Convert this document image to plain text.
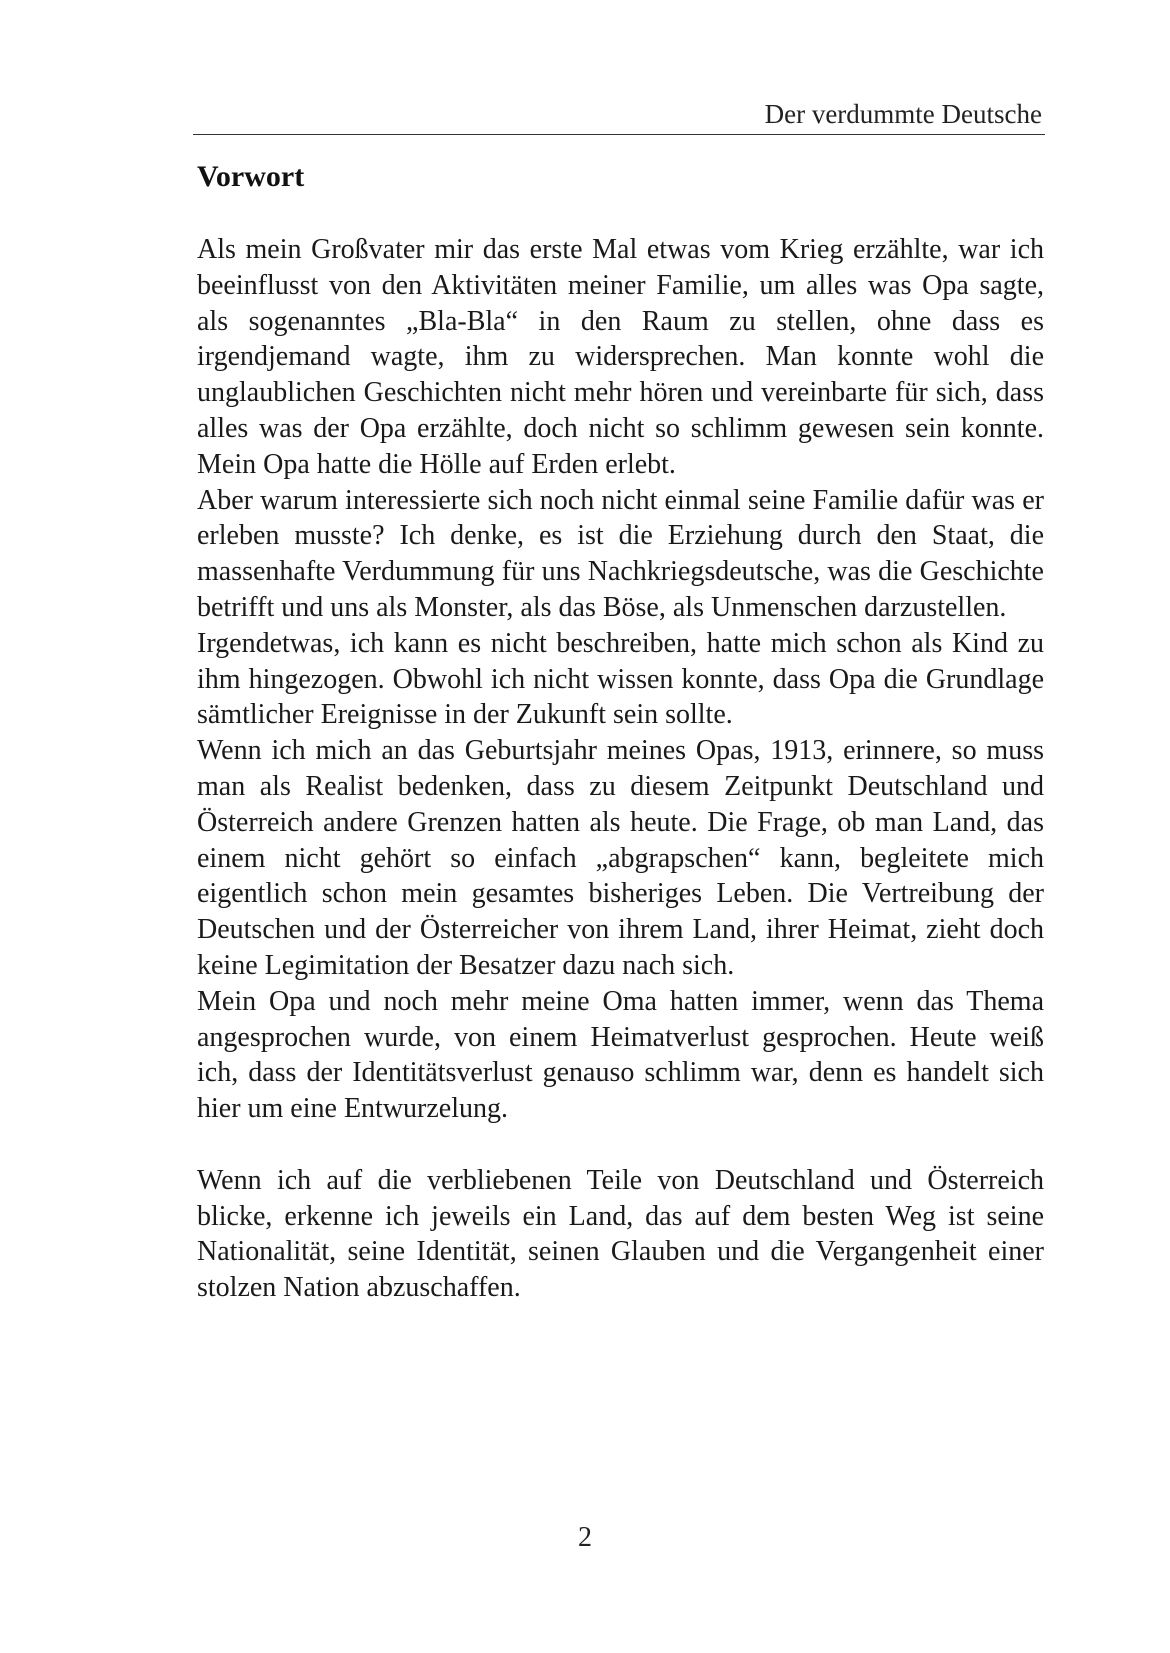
Der verdummte Deutsche
Vorwort

Als mein Großvater mir das erste Mal etwas vom Krieg erzählte, war ich beeinflusst von den Aktivitäten meiner Familie, um alles was Opa sagte, als sogenanntes „Bla-Bla“ in den Raum zu stellen, ohne dass es irgendjemand wagte, ihm zu widersprechen. Man konnte wohl die unglaublichen Geschichten nicht mehr hören und vereinbarte für sich, dass alles was der Opa erzählte, doch nicht so schlimm gewesen sein konnte. Mein Opa hatte die Hölle auf Erden erlebt.

Aber warum interessierte sich noch nicht einmal seine Familie dafür was er erleben musste? Ich denke, es ist die Erziehung durch den Staat, die massenhafte Verdummung für uns Nachkriegsdeutsche, was die Geschichte betrifft und uns als Monster, als das Böse, als Unmenschen darzustellen.

Irgendetwas, ich kann es nicht beschreiben, hatte mich schon als Kind zu ihm hingezogen. Obwohl ich nicht wissen konnte, dass Opa die Grundlage sämtlicher Ereignisse in der Zukunft sein sollte.

Wenn ich mich an das Geburtsjahr meines Opas, 1913, erinnere, so muss man als Realist bedenken, dass zu diesem Zeitpunkt Deutschland und Österreich andere Grenzen hatten als heute. Die Frage, ob man Land, das einem nicht gehört so einfach „abgrapschen“ kann, begleitete mich eigentlich schon mein gesamtes bisheriges Leben. Die Vertreibung der Deutschen und der Österreicher von ihrem Land, ihrer Heimat, zieht doch keine Legimitation der Besatzer dazu nach sich.

Mein Opa und noch mehr meine Oma hatten immer, wenn das Thema angesprochen wurde, von einem Heimatverlust gesprochen. Heute weiß ich, dass der Identitätsverlust genauso schlimm war, denn es handelt sich hier um eine Entwurzelung.

Wenn ich auf die verbliebenen Teile von Deutschland und Österreich blicke, erkenne ich jeweils ein Land, das auf dem besten Weg ist seine Nationalität, seine Identität, seinen Glauben und die Vergangenheit einer stolzen Nation abzuschaffen.

2
